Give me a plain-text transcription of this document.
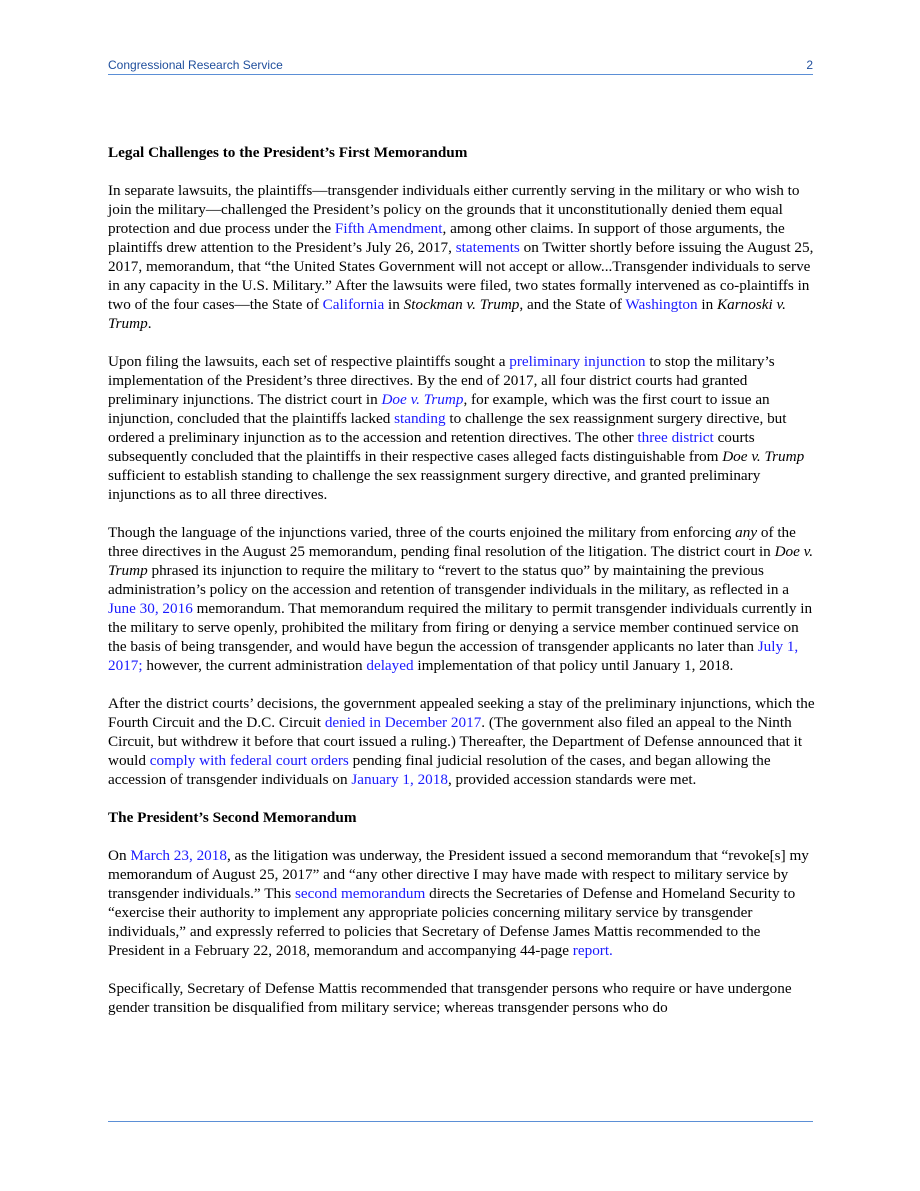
Congressional Research Service	2
Legal Challenges to the President’s First Memorandum

In separate lawsuits, the plaintiffs—transgender individuals either currently serving in the military or who wish to join the military—challenged the President’s policy on the grounds that it unconstitutionally denied them equal protection and due process under the Fifth Amendment, among other claims. In support of those arguments, the plaintiffs drew attention to the President’s July 26, 2017, statements on Twitter shortly before issuing the August 25, 2017, memorandum, that “the United States Government will not accept or allow...Transgender individuals to serve in any capacity in the U.S. Military.” After the lawsuits were filed, two states formally intervened as co-plaintiffs in two of the four cases—the State of California in Stockman v. Trump, and the State of Washington in Karnoski v. Trump.

Upon filing the lawsuits, each set of respective plaintiffs sought a preliminary injunction to stop the military’s implementation of the President’s three directives. By the end of 2017, all four district courts had granted preliminary injunctions. The district court in Doe v. Trump, for example, which was the first court to issue an injunction, concluded that the plaintiffs lacked standing to challenge the sex reassignment surgery directive, but ordered a preliminary injunction as to the accession and retention directives. The other three district courts subsequently concluded that the plaintiffs in their respective cases alleged facts distinguishable from Doe v. Trump sufficient to establish standing to challenge the sex reassignment surgery directive, and granted preliminary injunctions as to all three directives.

Though the language of the injunctions varied, three of the courts enjoined the military from enforcing any of the three directives in the August 25 memorandum, pending final resolution of the litigation. The district court in Doe v. Trump phrased its injunction to require the military to “revert to the status quo” by maintaining the previous administration’s policy on the accession and retention of transgender individuals in the military, as reflected in a June 30, 2016 memorandum. That memorandum required the military to permit transgender individuals currently in the military to serve openly, prohibited the military from firing or denying a service member continued service on the basis of being transgender, and would have begun the accession of transgender applicants no later than July 1, 2017; however, the current administration delayed implementation of that policy until January 1, 2018.

After the district courts’ decisions, the government appealed seeking a stay of the preliminary injunctions, which the Fourth Circuit and the D.C. Circuit denied in December 2017. (The government also filed an appeal to the Ninth Circuit, but withdrew it before that court issued a ruling.) Thereafter, the Department of Defense announced that it would comply with federal court orders pending final judicial resolution of the cases, and began allowing the accession of transgender individuals on January 1, 2018, provided accession standards were met.

The President’s Second Memorandum

On March 23, 2018, as the litigation was underway, the President issued a second memorandum that “revoke[s] my memorandum of August 25, 2017” and “any other directive I may have made with respect to military service by transgender individuals.” This second memorandum directs the Secretaries of Defense and Homeland Security to “exercise their authority to implement any appropriate policies concerning military service by transgender individuals,” and expressly referred to policies that Secretary of Defense James Mattis recommended to the President in a February 22, 2018, memorandum and accompanying 44-page report.

Specifically, Secretary of Defense Mattis recommended that transgender persons who require or have undergone gender transition be disqualified from military service; whereas transgender persons who do
